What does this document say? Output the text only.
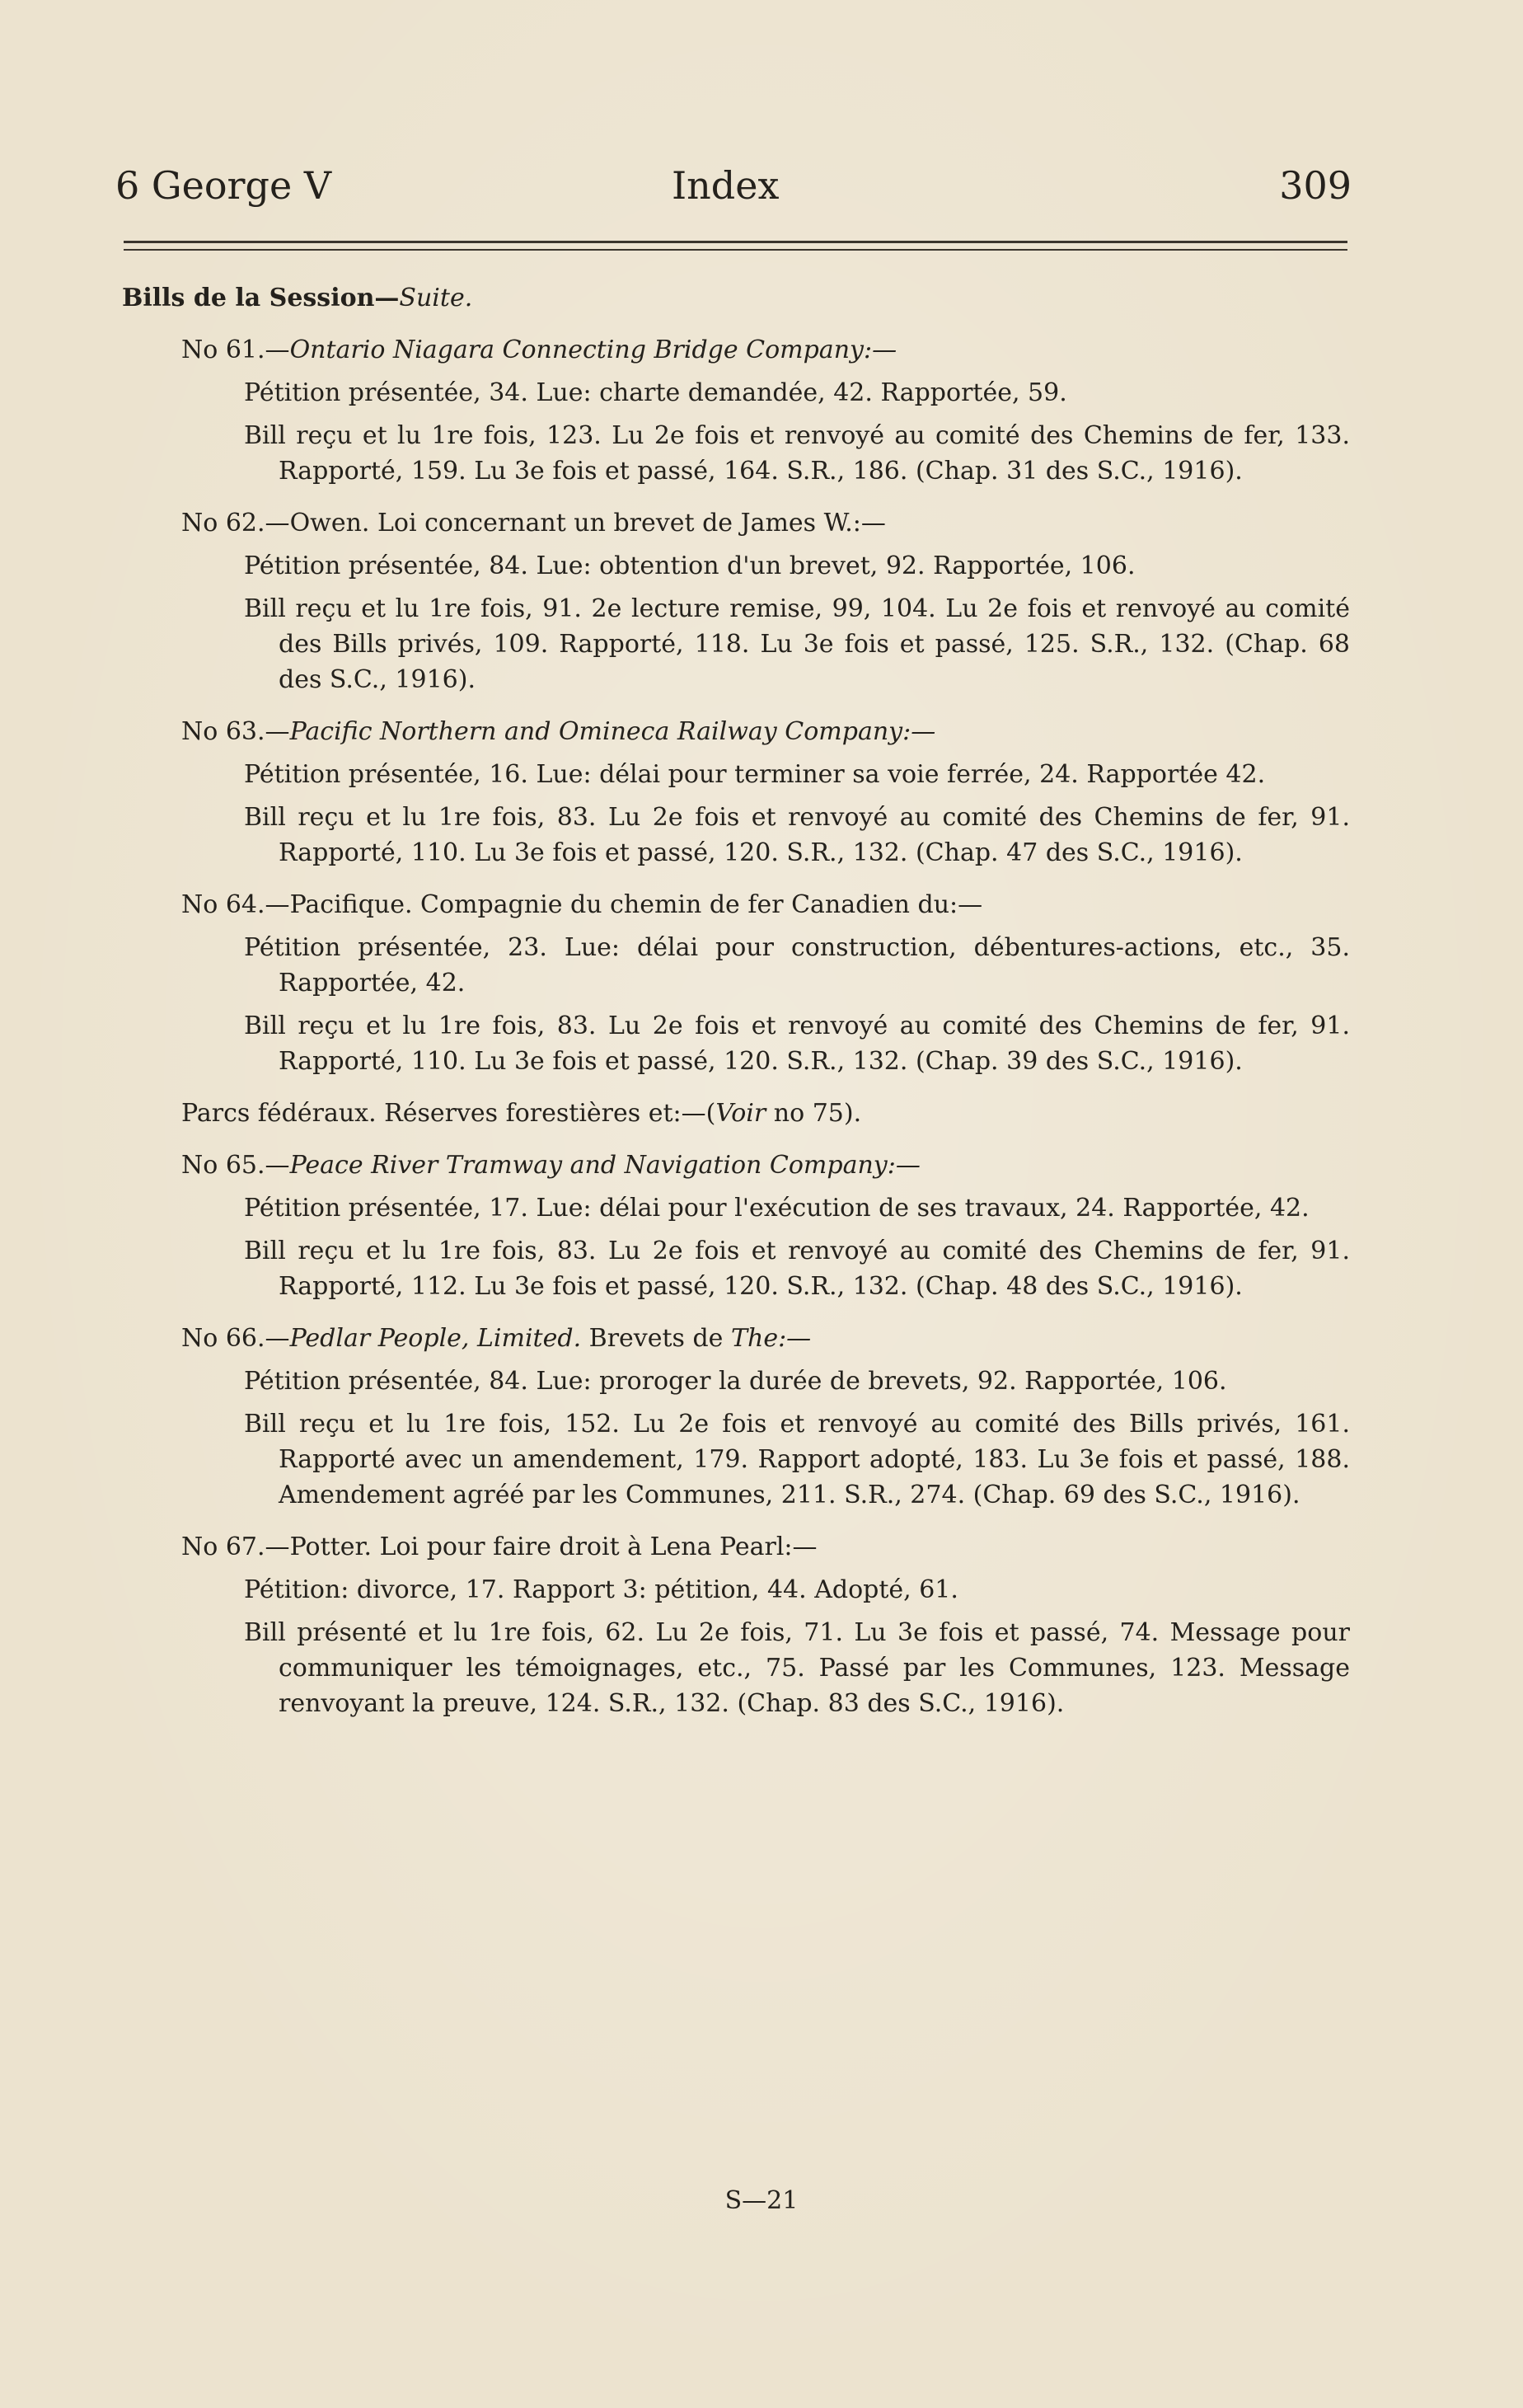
6 George V	Index	309
Bills de la Session—Suite.
No 61.—Ontario Niagara Connecting Bridge Company:—
Pétition présentée, 34. Lue: charte demandée, 42. Rapportée, 59.
Bill reçu et lu 1re fois, 123. Lu 2e fois et renvoyé au comité des Chemins de fer, 133. Rapporté, 159. Lu 3e fois et passé, 164. S.R., 186. (Chap. 31 des S.C., 1916).
No 62.—Owen. Loi concernant un brevet de James W.:—
Pétition présentée, 84. Lue: obtention d'un brevet, 92. Rapportée, 106.
Bill reçu et lu 1re fois, 91. 2e lecture remise, 99, 104. Lu 2e fois et renvoyé au comité des Bills privés, 109. Rapporté, 118. Lu 3e fois et passé, 125. S.R., 132. (Chap. 68 des S.C., 1916).
No 63.—Pacific Northern and Omineca Railway Company:—
Pétition présentée, 16. Lue: délai pour terminer sa voie ferrée, 24. Rapportée 42.
Bill reçu et lu 1re fois, 83. Lu 2e fois et renvoyé au comité des Chemins de fer, 91. Rapporté, 110. Lu 3e fois et passé, 120. S.R., 132. (Chap. 47 des S.C., 1916).
No 64.—Pacifique. Compagnie du chemin de fer Canadien du:—
Pétition présentée, 23. Lue: délai pour construction, débentures-actions, etc., 35. Rapportée, 42.
Bill reçu et lu 1re fois, 83. Lu 2e fois et renvoyé au comité des Chemins de fer, 91. Rapporté, 110. Lu 3e fois et passé, 120. S.R., 132. (Chap. 39 des S.C., 1916).
Parcs fédéraux. Réserves forestières et:—(Voir no 75).
No 65.—Peace River Tramway and Navigation Company:—
Pétition présentée, 17. Lue: délai pour l'exécution de ses travaux, 24. Rapportée, 42.
Bill reçu et lu 1re fois, 83. Lu 2e fois et renvoyé au comité des Chemins de fer, 91. Rapporté, 112. Lu 3e fois et passé, 120. S.R., 132. (Chap. 48 des S.C., 1916).
No 66.—Pedlar People, Limited. Brevets de The:—
Pétition présentée, 84. Lue: proroger la durée de brevets, 92. Rapportée, 106.
Bill reçu et lu 1re fois, 152. Lu 2e fois et renvoyé au comité des Bills privés, 161. Rapporté avec un amendement, 179. Rapport adopté, 183. Lu 3e fois et passé, 188. Amendement agréé par les Communes, 211. S.R., 274. (Chap. 69 des S.C., 1916).
No 67.—Potter. Loi pour faire droit à Lena Pearl:—
Pétition: divorce, 17. Rapport 3: pétition, 44. Adopté, 61.
Bill présenté et lu 1re fois, 62. Lu 2e fois, 71. Lu 3e fois et passé, 74. Message pour communiquer les témoignages, etc., 75. Passé par les Communes, 123. Message renvoyant la preuve, 124. S.R., 132. (Chap. 83 des S.C., 1916).
S—21
